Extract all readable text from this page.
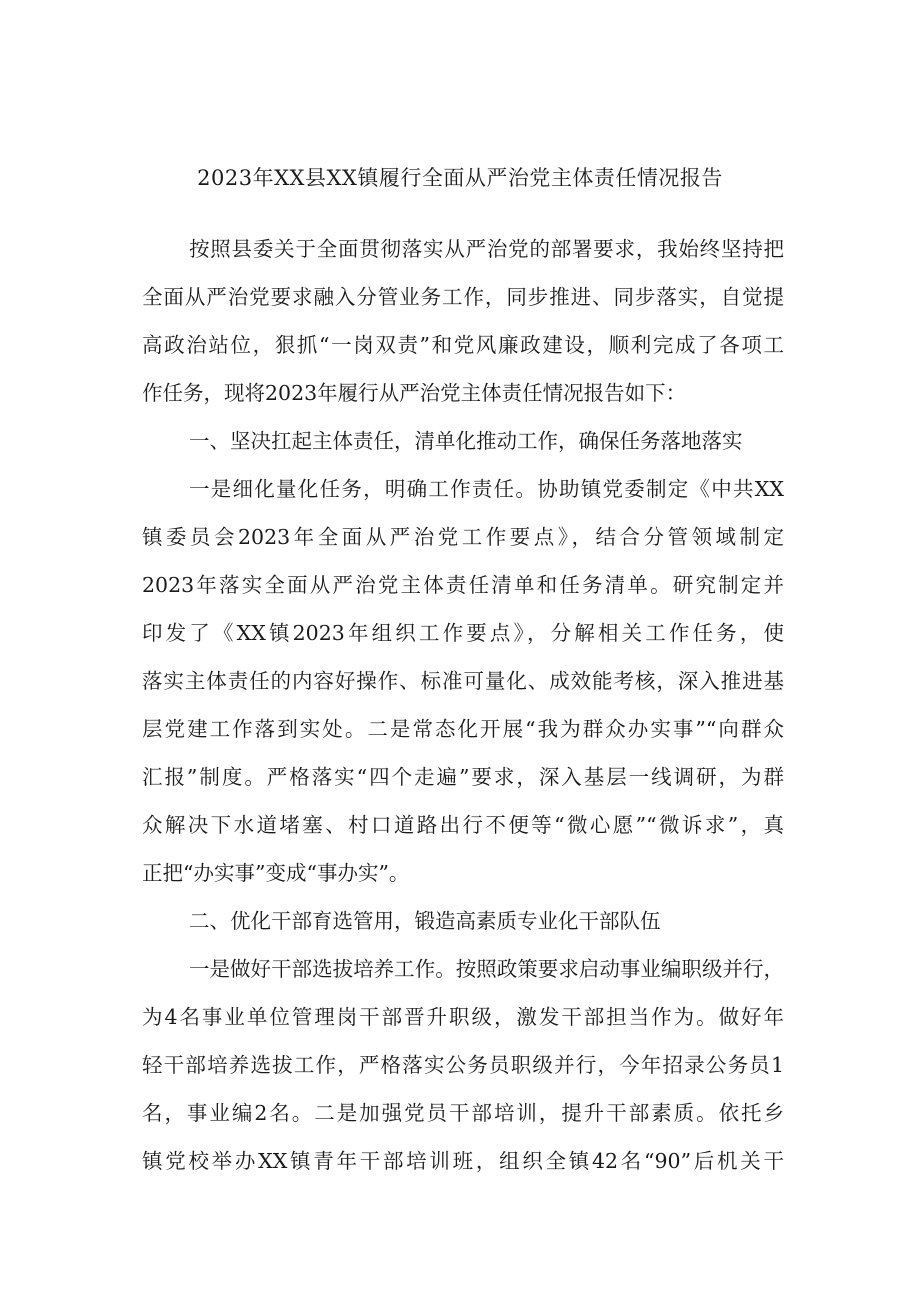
2023年XX县XX镇履行全面从严治党主体责任情况报告
按照县委关于全面贯彻落实从严治党的部署要求，我始终坚持把
全面从严治党要求融入分管业务工作，同步推进、同步落实，自觉提
高政治站位，狠抓“一岗双责”和党风廉政建设，顺利完成了各项工
作任务，现将2023年履行从严治党主体责任情况报告如下：
一、坚决扛起主体责任，清单化推动工作，确保任务落地落实
一是细化量化任务，明确工作责任。协助镇党委制定《中共XX
镇委员会2023年全面从严治党工作要点》，结合分管领域制定
2023年落实全面从严治党主体责任清单和任务清单。研究制定并
印发了《XX镇2023年组织工作要点》，分解相关工作任务，使
落实主体责任的内容好操作、标准可量化、成效能考核，深入推进基
层党建工作落到实处。二是常态化开展“我为群众办实事”“向群众
汇报”制度。严格落实“四个走遍”要求，深入基层一线调研，为群
众解决下水道堵塞、村口道路出行不便等“微心愿”“微诉求”，真
正把“办实事”变成“事办实”。
二、优化干部育选管用，锻造高素质专业化干部队伍
一是做好干部选拔培养工作。按照政策要求启动事业编职级并行，
为4名事业单位管理岗干部晋升职级，激发干部担当作为。做好年
轻干部培养选拔工作，严格落实公务员职级并行，今年招录公务员1
名，事业编2名。二是加强党员干部培训，提升干部素质。依托乡
镇党校举办XX镇青年干部培训班，组织全镇42名“90”后机关干
